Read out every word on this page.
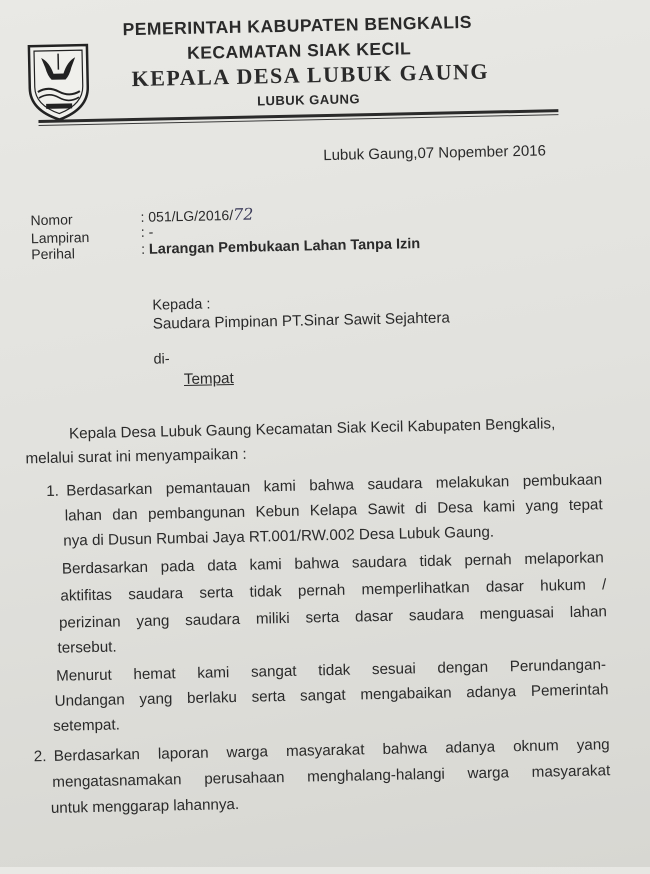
PEMERINTAH KABUPATEN BENGKALIS
KECAMATAN SIAK KECIL
KEPALA DESA LUBUK GAUNG
LUBUK GAUNG
Lubuk Gaung,07 Nopember 2016
Nomor	: 051/LG/2016/72
Lampiran	: -
Perihal	: Larangan Pembukaan Lahan Tanpa Izin
Kepada :
Saudara Pimpinan PT.Sinar Sawit Sejahtera
di-
Tempat
Kepala Desa Lubuk Gaung Kecamatan Siak Kecil Kabupaten Bengkalis,
melalui surat ini menyampaikan :
1. Berdasarkan pemantauan kami bahwa saudara melakukan pembukaan
lahan dan pembangunan Kebun Kelapa Sawit di Desa kami yang tepat
nya di Dusun Rumbai Jaya RT.001/RW.002 Desa Lubuk Gaung.
Berdasarkan pada data kami bahwa saudara tidak pernah melaporkan
aktifitas saudara serta tidak pernah memperlihatkan dasar hukum /
perizinan yang saudara miliki serta dasar saudara menguasai lahan
tersebut.
Menurut hemat kami sangat tidak sesuai dengan Perundangan-
Undangan yang berlaku serta sangat mengabaikan adanya Pemerintah
setempat.
2. Berdasarkan laporan warga masyarakat bahwa adanya oknum yang
mengatasnamakan perusahaan menghalang-halangi warga masyarakat
untuk menggarap lahannya.
